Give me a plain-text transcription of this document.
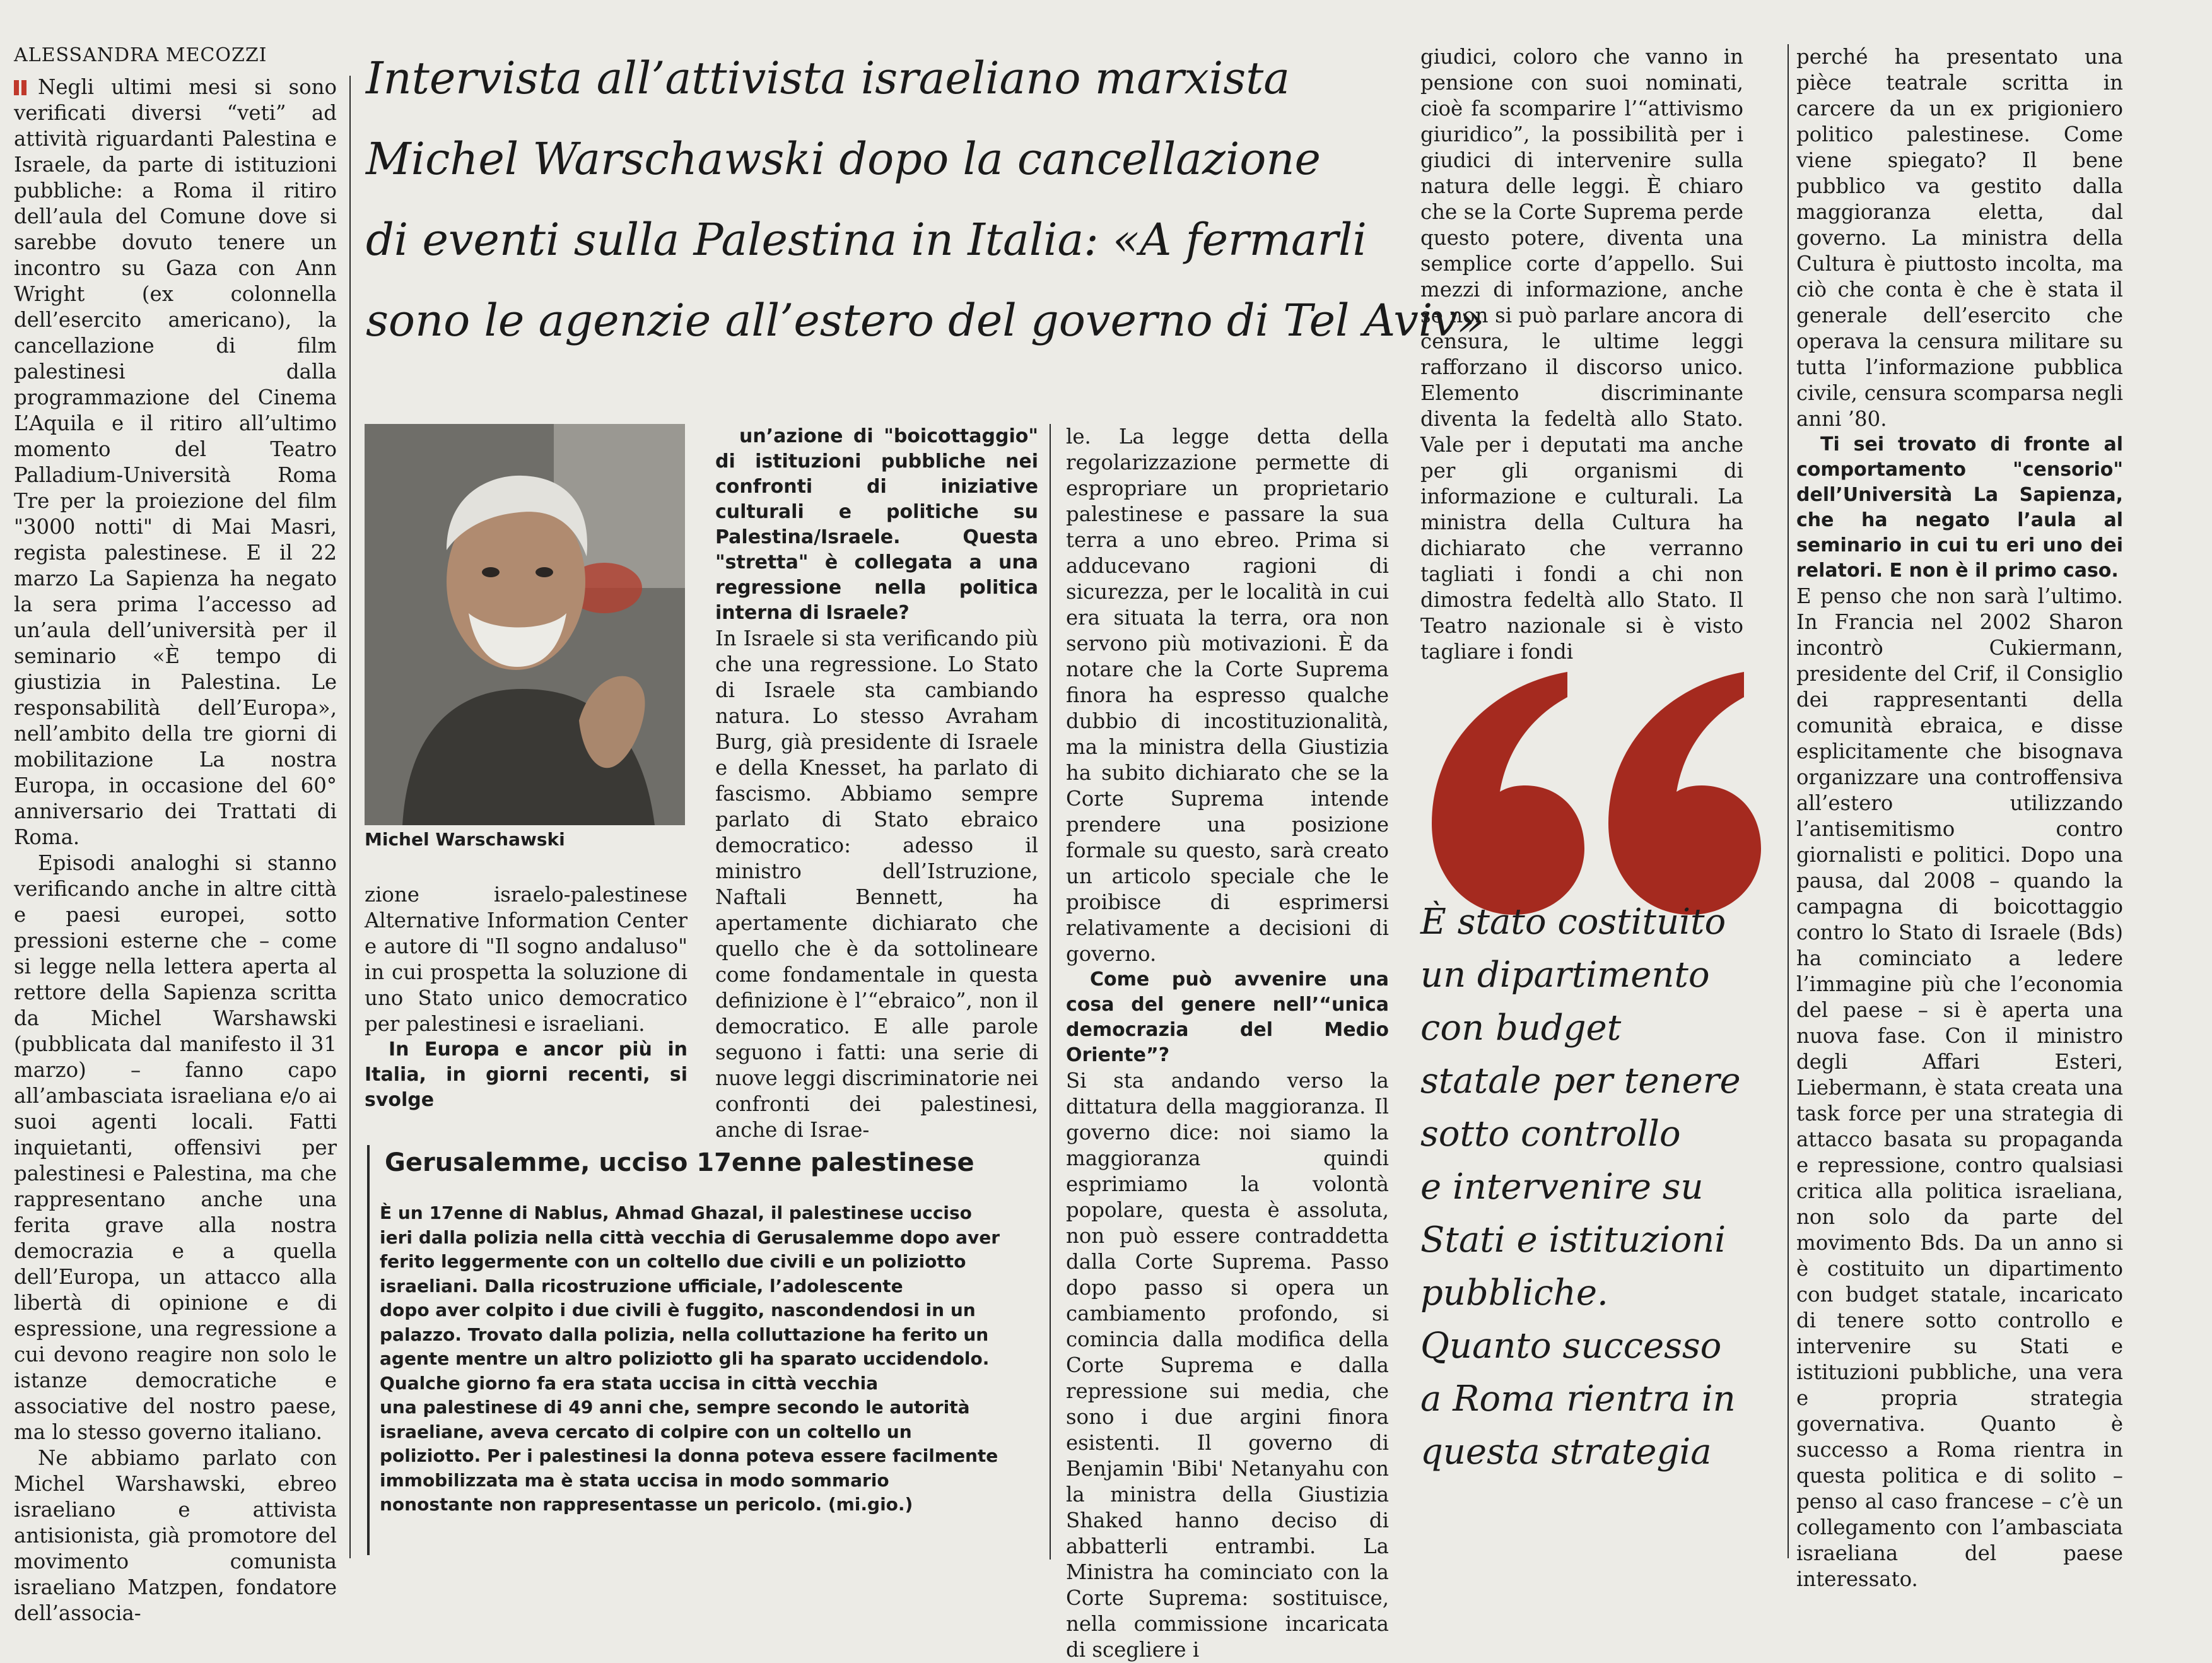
ALESSANDRA MECOZZI Intervista all’attivista israeliano marxista
Michel Warschawski dopo la cancellazione
di eventi sulla Palestina in Italia: «A fermarli
sono le agenzie all’estero del governo di Tel Aviv»

Negli ultimi mesi si sono verificati diversi “veti” ad attività riguardanti Palestina e Israele, da parte di istituzioni pubbliche: a Roma il ritiro dell’aula del Comune dove si sarebbe dovuto tenere un incontro su Gaza con Ann Wright (ex colonnella dell’esercito americano), la cancellazione di film palestinesi dalla programmazione del Cinema L’Aquila e il ritiro all’ultimo momento del Teatro Palladium-Università Roma Tre per la proiezione del film "3000 notti" di Mai Masri, regista palestinese. E il 22 marzo La Sapienza ha negato la sera prima l’accesso ad un’aula dell’università per il seminario «È tempo di giustizia in Palestina. Le responsabilità dell’Europa», nell’ambito della tre giorni di mobilitazione La nostra Europa, in occasione del 60° anniversario dei Trattati di Roma.

Episodi analoghi si stanno verificando anche in altre città e paesi europei, sotto pressioni esterne che – come si legge nella lettera aperta al rettore della Sapienza scritta da Michel Warshawski (pubblicata dal manifesto il 31 marzo) – fanno capo all’ambasciata israeliana e/o ai suoi agenti locali. Fatti inquietanti, offensivi per palestinesi e Palestina, ma che rappresentano anche una ferita grave alla nostra democrazia e a quella dell’Europa, un attacco alla libertà di opinione e di espressione, una regressione a cui devono reagire non solo le istanze democratiche e associative del nostro paese, ma lo stesso governo italiano.

Ne abbiamo parlato con Michel Warshawski, ebreo israeliano e attivista antisionista, già promotore del movimento comunista israeliano Matzpen, fondatore dell’associa-

Michel Warschawski

zione israelo-palestinese Alternative Information Center e autore di "Il sogno andaluso" in cui prospetta la soluzione di uno Stato unico democratico per palestinesi e israeliani.

In Europa e ancor più in Italia, in giorni recenti, si svolge

un’azione di "boicottaggio" di istituzioni pubbliche nei confronti di iniziative culturali e politiche su Palestina/Israele. Questa "stretta" è collegata a una regressione nella politica interna di Israele?

In Israele si sta verificando più che una regressione. Lo Stato di Israele sta cambiando natura. Lo stesso Avraham Burg, già presidente di Israele e della Knesset, ha parlato di fascismo. Abbiamo sempre parlato di Stato ebraico democratico: adesso il ministro dell’Istruzione, Naftali Bennett, ha apertamente dichiarato che quello che è da sottolineare come fondamentale in questa definizione è l’“ebraico”, non il democratico. E alle parole seguono i fatti: una serie di nuove leggi discriminatorie nei confronti dei palestinesi, anche di Israe-

le. La legge detta della regolarizzazione permette di espropriare un proprietario palestinese e passare la sua terra a uno ebreo. Prima si adducevano ragioni di sicurezza, per le località in cui era situata la terra, ora non servono più motivazioni. È da notare che la Corte Suprema finora ha espresso qualche dubbio di incostituzionalità, ma la ministra della Giustizia ha subito dichiarato che se la Corte Suprema intende prendere una posizione formale su questo, sarà creato un articolo speciale che le proibisce di esprimersi relativamente a decisioni di governo.

Come può avvenire una cosa del genere nell’“unica democrazia del Medio Oriente”?

Si sta andando verso la dittatura della maggioranza. Il governo dice: noi siamo la maggioranza quindi esprimiamo la volontà popolare, questa è assoluta, non può essere contraddetta dalla Corte Suprema. Passo dopo passo si opera un cambiamento profondo, si comincia dalla modifica della Corte Suprema e dalla repressione sui media, che sono i due argini finora esistenti. Il governo di Benjamin 'Bibi' Netanyahu con la ministra della Giustizia Shaked hanno deciso di abbatterli entrambi. La Ministra ha cominciato con la Corte Suprema: sostituisce, nella commissione incaricata di scegliere i

giudici, coloro che vanno in pensione con suoi nominati, cioè fa scomparire l’“attivismo giuridico”, la possibilità per i giudici di intervenire sulla natura delle leggi. È chiaro che se la Corte Suprema perde questo potere, diventa una semplice corte d’appello. Sui mezzi di informazione, anche se non si può parlare ancora di censura, le ultime leggi rafforzano il discorso unico. Elemento discriminante diventa la fedeltà allo Stato. Vale per i deputati ma anche per gli organismi di informazione e culturali. La ministra della Cultura ha dichiarato che verranno tagliati i fondi a chi non dimostra fedeltà allo Stato. Il Teatro nazionale si è visto tagliare i fondi

È stato costituito
un dipartimento
con budget
statale per tenere
sotto controllo
e intervenire su
Stati e istituzioni
pubbliche.
Quanto successo
a Roma rientra in
questa strategia

perché ha presentato una pièce teatrale scritta in carcere da un ex prigioniero politico palestinese. Come viene spiegato? Il bene pubblico va gestito dalla maggioranza eletta, dal governo. La ministra della Cultura è piuttosto incolta, ma ciò che conta è che è stata il generale dell’esercito che operava la censura militare su tutta l’informazione pubblica civile, censura scomparsa negli anni ’80.

Ti sei trovato di fronte al comportamento "censorio" dell’Università La Sapienza, che ha negato l’aula al seminario in cui tu eri uno dei relatori. E non è il primo caso.

E penso che non sarà l’ultimo. In Francia nel 2002 Sharon incontrò Cukiermann, presidente del Crif, il Consiglio dei rappresentanti della comunità ebraica, e disse esplicitamente che bisognava organizzare una controffensiva all’estero utilizzando l’antisemitismo contro giornalisti e politici. Dopo una pausa, dal 2008 – quando la campagna di boicottaggio contro lo Stato di Israele (Bds) ha cominciato a ledere l’immagine più che l’economia del paese – si è aperta una nuova fase. Con il ministro degli Affari Esteri, Liebermann, è stata creata una task force per una strategia di attacco basata su propaganda e repressione, contro qualsiasi critica alla politica israeliana, non solo da parte del movimento Bds. Da un anno si è costituito un dipartimento con budget statale, incaricato di tenere sotto controllo e intervenire su Stati e istituzioni pubbliche, una vera e propria strategia governativa. Quanto è successo a Roma rientra in questa politica e di solito – penso al caso francese – c’è un collegamento con l’ambasciata israeliana del paese interessato.

Gerusalemme, ucciso 17enne palestinese
È un 17enne di Nablus, Ahmad Ghazal, il palestinese ucciso
ieri dalla polizia nella città vecchia di Gerusalemme dopo aver
ferito leggermente con un coltello due civili e un poliziotto
israeliani. Dalla ricostruzione ufficiale, l’adolescente
dopo aver colpito i due civili è fuggito, nascondendosi in un
palazzo. Trovato dalla polizia, nella colluttazione ha ferito un
agente mentre un altro poliziotto gli ha sparato uccidendolo.
Qualche giorno fa era stata uccisa in città vecchia
una palestinese di 49 anni che, sempre secondo le autorità
israeliane, aveva cercato di colpire con un coltello un
poliziotto. Per i palestinesi la donna poteva essere facilmente
immobilizzata ma è stata uccisa in modo sommario
nonostante non rappresentasse un pericolo. (mi.gio.)
